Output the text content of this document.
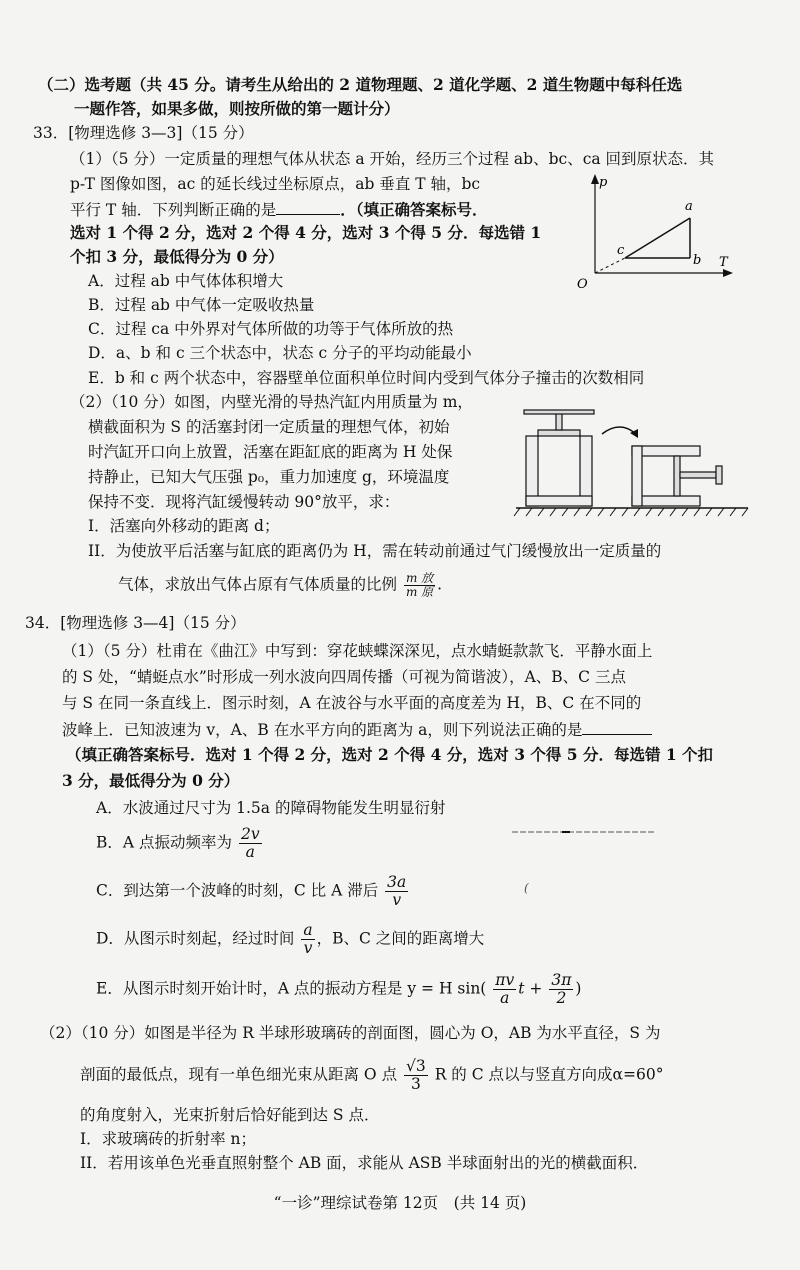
（二）选考题（共 45 分。请考生从给出的 2 道物理题、2 道化学题、2 道生物题中每科任选
一题作答，如果多做，则按所做的第一题计分）
33．[物理选修 3—3]（15 分）
（1）（5 分）一定质量的理想气体从状态 a 开始，经历三个过程 ab、bc、ca 回到原状态．其
p-T 图像如图，ac 的延长线过坐标原点，ab 垂直 T 轴，bc
平行 T 轴．下列判断正确的是	．（填正确答案标号．
选对 1 个得 2 分，选对 2 个得 4 分，选对 3 个得 5 分．每选错 1
个扣 3 分，最低得分为 0 分）
A．过程 ab 中气体体积增大
B．过程 ab 中气体一定吸收热量
C．过程 ca 中外界对气体所做的功等于气体所放的热
D．a、b 和 c 三个状态中，状态 c 分子的平均动能最小
E．b 和 c 两个状态中，容器壁单位面积单位时间内受到气体分子撞击的次数相同
p
T
O
a
b
c
（2）（10 分）如图，内壁光滑的导热汽缸内用质量为 m，
横截面积为 S 的活塞封闭一定质量的理想气体，初始
时汽缸开口向上放置，活塞在距缸底的距离为 H 处保
持静止，已知大气压强 p₀，重力加速度 g，环境温度
保持不变．现将汽缸缓慢转动 90°放平，求：
I．活塞向外移动的距离 d；
II．为使放平后活塞与缸底的距离仍为 H，需在转动前通过气门缓慢放出一定质量的
气体，求放出气体占原有气体质量的比例 $\frac{\text{m 放}}{\text{m 原}}$ .
34．[物理选修 3—4]（15 分）
（1）（5 分）杜甫在《曲江》中写到：穿花蛱蝶深深见，点水蜻蜓款款飞．平静水面上
的 S 处，“蜻蜓点水”时形成一列水波向四周传播（可视为简谐波），A、B、C 三点
与 S 在同一条直线上．图示时刻，A 在波谷与水平面的高度差为 H，B、C 在不同的
波峰上．已知波速为 v，A、B 在水平方向的距离为 a，则下列说法正确的是
（填正确答案标号．选对 1 个得 2 分，选对 2 个得 4 分，选对 3 个得 5 分．每选错 1 个扣
3 分，最低得分为 0 分）
A．水波通过尺寸为 1.5a 的障碍物能发生明显衍射
B．A 点振动频率为 $\frac{2v}{a}$
C．到达第一个波峰的时刻，C 比 A 滞后 $\frac{3a}{v}$
D．从图示时刻起，经过时间 $\frac{a}{v}$ ，B、C 之间的距离增大
E．从图示时刻开始计时，A 点的振动方程是 y = H $\sin( \frac{\pi v}{a}$ $t + \frac{3\pi}{2}$ )
(
（2）（10 分）如图是半径为 R 半球形玻璃砖的剖面图，圆心为 O，AB 为水平直径，S 为
剖面的最低点，现有一单色细光束从距离 O 点 $\frac{√3}{3}$ R 的 C 点以与竖直方向成α=60°
的角度射入，光束折射后恰好能到达 S 点．
I．求玻璃砖的折射率 n；
II．若用该单色光垂直照射整个 AB 面，求能从 ASB 半球面射出的光的横截面积．
“一诊”理综试卷第 12页　(共 14 页)
